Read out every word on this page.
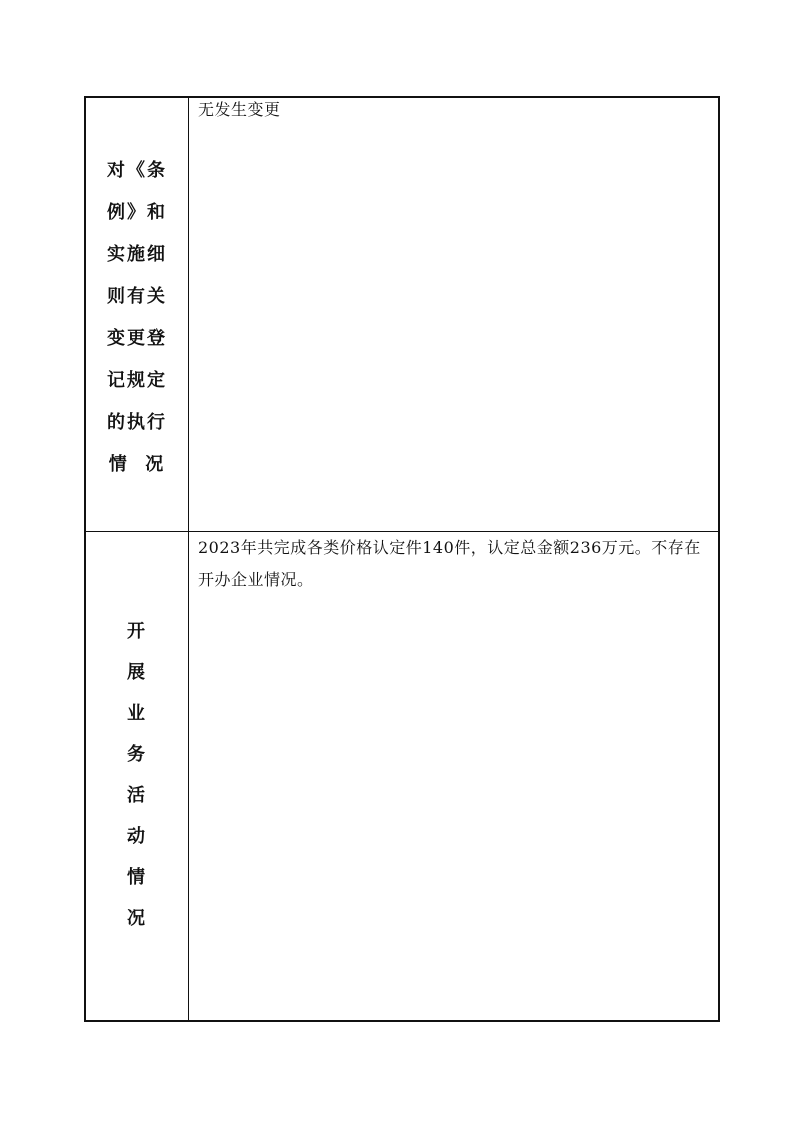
对《条
例》和
实施细
则有关
变更登
记规定
的执行
情  况

无发生变更

开
展
业
务
活
动
情
况

2023年共完成各类价格认定件140件，认定总金额236万元。不存在开办企业情况。
